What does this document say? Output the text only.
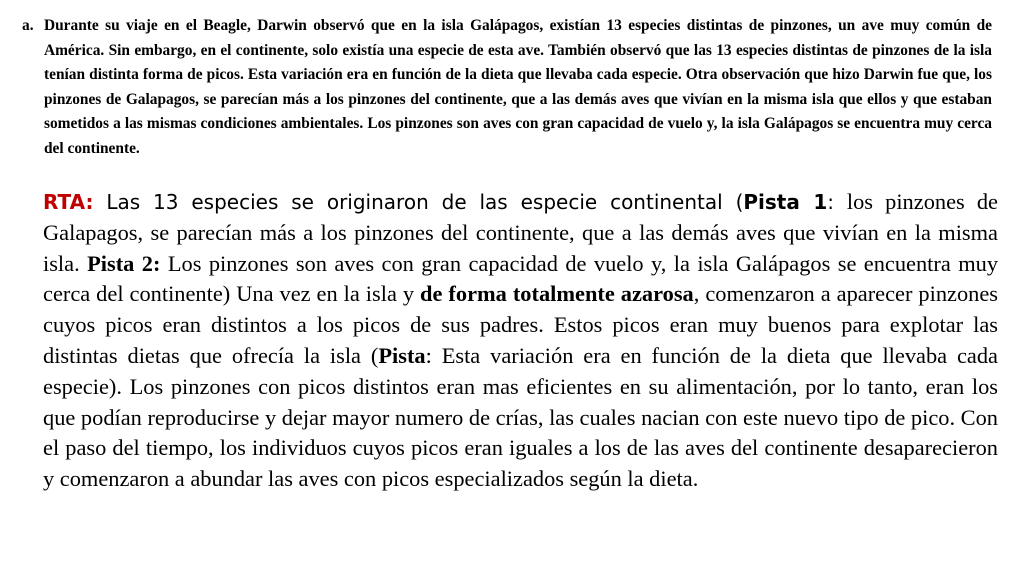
a. Durante su viaje en el Beagle, Darwin observó que en la isla Galápagos, existían 13 especies distintas de pinzones, un ave muy común de América. Sin embargo, en el continente, solo existía una especie de esta ave. También observó que las 13 especies distintas de pinzones de la isla tenían distinta forma de picos. Esta variación era en función de la dieta que llevaba cada especie. Otra observación que hizo Darwin fue que, los pinzones de Galapagos, se parecían más a los pinzones del continente, que a las demás aves que vivían en la misma isla que ellos y que estaban sometidos a las mismas condiciones ambientales. Los pinzones son aves con gran capacidad de vuelo y, la isla Galápagos se encuentra muy cerca del continente.

RTA: Las 13 especies se originaron de las especie continental (Pista 1: los pinzones de Galapagos, se parecían más a los pinzones del continente, que a las demás aves que vivían en la misma isla. Pista 2: Los pinzones son aves con gran capacidad de vuelo y, la isla Galápagos se encuentra muy cerca del continente) Una vez en la isla y de forma totalmente azarosa, comenzaron a aparecer pinzones cuyos picos eran distintos a los picos de sus padres. Estos picos eran muy buenos para explotar las distintas dietas que ofrecía la isla (Pista: Esta variación era en función de la dieta que llevaba cada especie). Los pinzones con picos distintos eran mas eficientes en su alimentación, por lo tanto, eran los que podían reproducirse y dejar mayor numero de crías, las cuales nacian con este nuevo tipo de pico. Con el paso del tiempo, los individuos cuyos picos eran iguales a los de las aves del continente desaparecieron y comenzaron a abundar las aves con picos especializados según la dieta.
